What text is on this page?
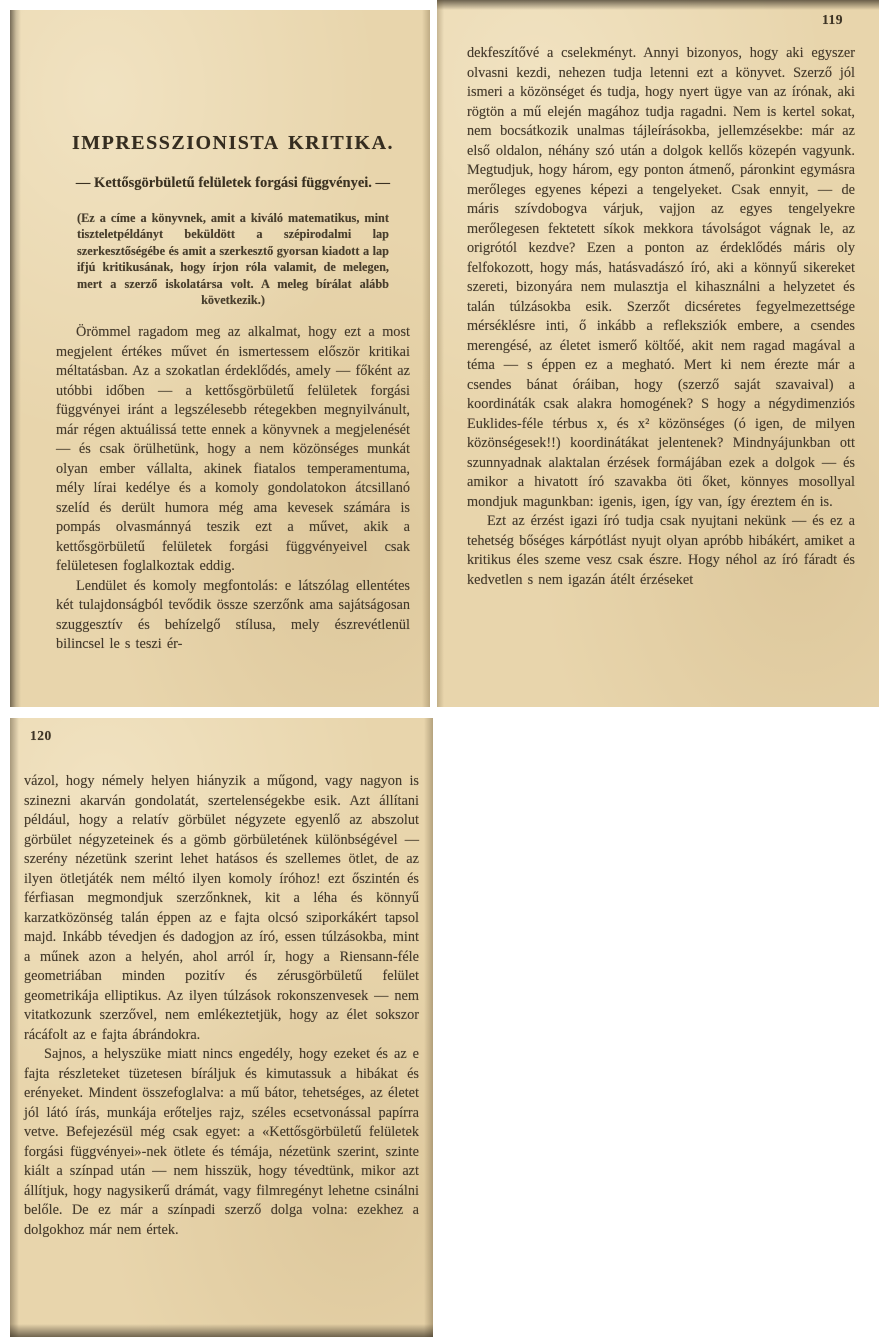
IMPRESSZIONISTA KRITIKA.
— Kettősgörbületű felületek forgási függvényei. —
(Ez a címe a könyvnek, amit a kiváló matematikus, mint tiszteletpéldányt beküldött a szépirodalmi lap szerkesztőségébe és amit a szerkesztő gyorsan kiadott a lap ifjú kritikusának, hogy írjon róla valamit, de melegen, mert a szerző iskolatársa volt. A meleg bírálat alább következik.)

Örömmel ragadom meg az alkalmat, hogy ezt a most megjelent értékes művet én ismertessem először kritikai méltatásban. Az a szokatlan érdeklődés, amely — főként az utóbbi időben — a kettősgörbületű felületek forgási függvényei iránt a legszélesebb rétegekben megnyilvánult, már régen aktuálissá tette ennek a könyvnek a megjelenését — és csak örülhetünk, hogy a nem közönséges munkát olyan ember vállalta, akinek fiatalos temperamentuma, mély lírai kedélye és a komoly gondolatokon átcsillanó szelíd és derült humora még ama kevesek számára is pompás olvasmánnyá teszik ezt a művet, akik a kettősgörbületű felületek forgási függvényeivel csak felületesen foglalkoztak eddig.

Lendület és komoly megfontolás: e látszólag ellentétes két tulajdonságból tevődik össze szerzőnk ama sajátságosan szuggesztív és behízelgő stílusa, mely észrevétlenül bilincsel le s teszi ér-

119

dekfeszítővé a cselekményt. Annyi bizonyos, hogy aki egyszer olvasni kezdi, nehezen tudja letenni ezt a könyvet. Szerző jól ismeri a közönséget és tudja, hogy nyert ügye van az írónak, aki rögtön a mű elején magához tudja ragadni. Nem is kertel sokat, nem bocsátkozik unalmas tájleírásokba, jellemzésekbe: már az első oldalon, néhány szó után a dolgok kellős közepén vagyunk. Megtudjuk, hogy három, egy ponton átmenő, páronkint egymásra merőleges egyenes képezi a tengelyeket. Csak ennyit, — de máris szívdobogva várjuk, vajjon az egyes tengelyekre merőlegesen fektetett síkok mekkora távolságot vágnak le, az origrótól kezdve? Ezen a ponton az érdeklődés máris oly felfokozott, hogy más, hatásvadászó író, aki a könnyű sikereket szereti, bizonyára nem mulasztja el kihasználni a helyzetet és talán túlzásokba esik. Szerzőt dicséretes fegyelmezettsége mérséklésre inti, ő inkább a refleksziók embere, a csendes merengésé, az életet ismerő költőé, akit nem ragad magával a téma — s éppen ez a megható. Mert ki nem érezte már a csendes bánat óráiban, hogy (szerző saját szavaival) a koordináták csak alakra homogének? S hogy a négydimenziós Euklides-féle térbus x, és x² közönséges (ó igen, de milyen közönségesek!!) koordinátákat jelentenek? Mindnyájunkban ott szunnyadnak alaktalan érzések formájában ezek a dolgok — és amikor a hivatott író szavakba öti őket, könnyes mosollyal mondjuk magunkban: igenis, igen, így van, így éreztem én is.

Ezt az érzést igazi író tudja csak nyujtani nekünk — és ez a tehetség bőséges kárpótlást nyujt olyan apróbb hibákért, amiket a kritikus éles szeme vesz csak észre. Hogy néhol az író fáradt és kedvetlen s nem igazán átélt érzéseket

120

vázol, hogy némely helyen hiányzik a műgond, vagy nagyon is szinezni akarván gondolatát, szertelenségekbe esik. Azt állítani például, hogy a relatív görbület négyzete egyenlő az abszolut görbület négyzeteinek és a gömb görbületének különbségével — szerény nézetünk szerint lehet hatásos és szellemes ötlet, de az ilyen ötletjáték nem méltó ilyen komoly íróhoz! ezt őszintén és férfiasan megmondjuk szerzőnknek, kit a léha és könnyű karzatközönség talán éppen az e fajta olcsó sziporkákért tapsol majd. Inkább tévedjen és dadogjon az író, essen túlzásokba, mint a műnek azon a helyén, ahol arról ír, hogy a Riensann-féle geometriában minden pozitív és zérusgörbületű felület geometrikája elliptikus. Az ilyen túlzások rokonszenvesek — nem vitatkozunk szerzővel, nem emlékeztetjük, hogy az élet sokszor rácáfolt az e fajta ábrándokra.

Sajnos, a helyszüke miatt nincs engedély, hogy ezeket és az e fajta részleteket tüzetesen bíráljuk és kimutassuk a hibákat és erényeket. Mindent összefoglalva: a mű bátor, tehetséges, az életet jól látó írás, munkája erőteljes rajz, széles ecsetvonással papírra vetve. Befejezésül még csak egyet: a «Kettősgörbületű felületek forgási függvényei»-nek ötlete és témája, nézetünk szerint, szinte kiált a színpad után — nem hisszük, hogy tévedtünk, mikor azt állítjuk, hogy nagysikerű drámát, vagy filmregényt lehetne csinálni belőle. De ez már a színpadi szerző dolga volna: ezekhez a dolgokhoz már nem értek.
